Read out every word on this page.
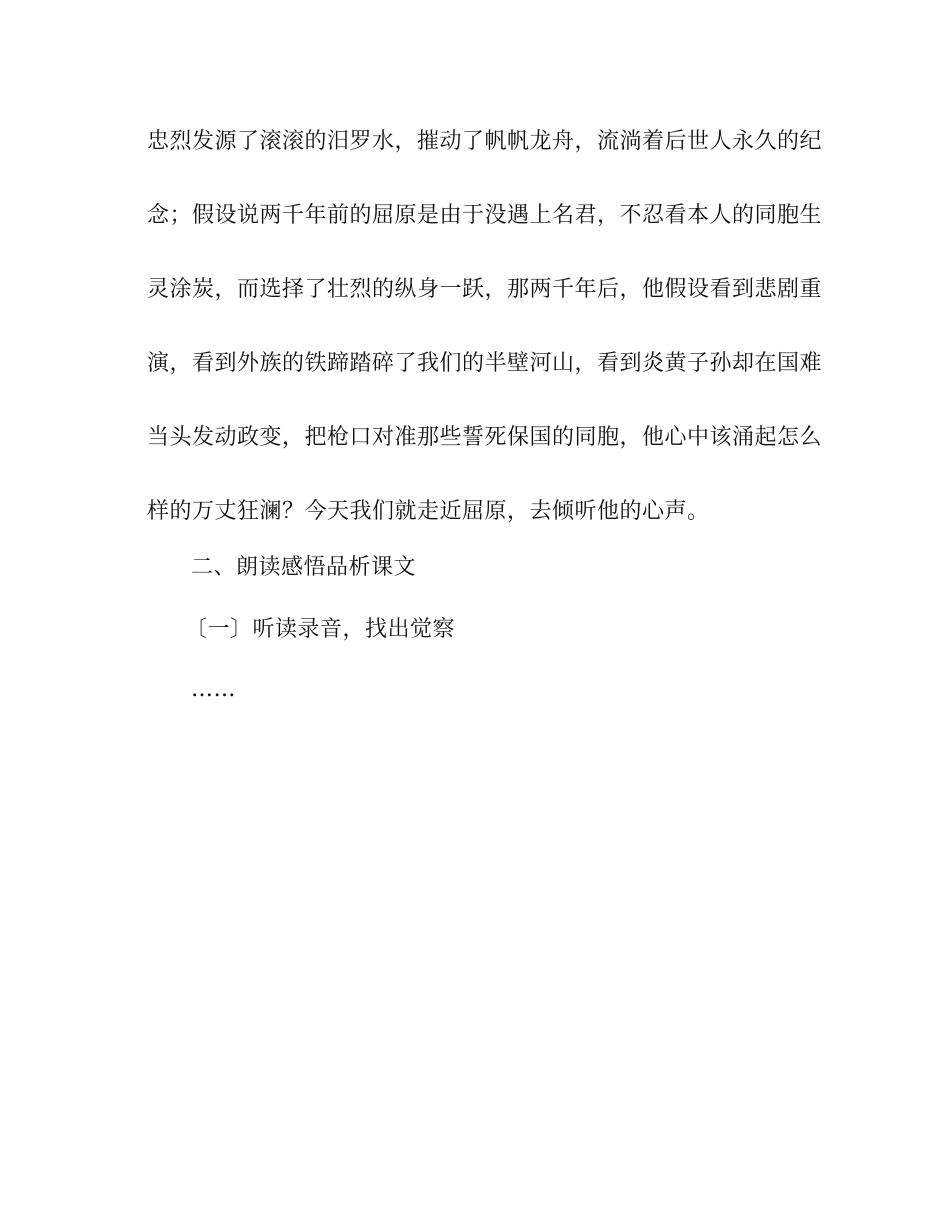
忠烈发源了滚滚的汨罗水，摧动了帆帆龙舟，流淌着后世人永久的纪
念；假设说两千年前的屈原是由于没遇上名君，不忍看本人的同胞生
灵涂炭，而选择了壮烈的纵身一跃，那两千年后，他假设看到悲剧重
演，看到外族的铁蹄踏碎了我们的半壁河山，看到炎黄子孙却在国难
当头发动政变，把枪口对准那些誓死保国的同胞，他心中该涌起怎么
样的万丈狂澜？今天我们就走近屈原，去倾听他的心声。
二、朗读感悟品析课文
〔一〕听读录音，找出觉察
……
